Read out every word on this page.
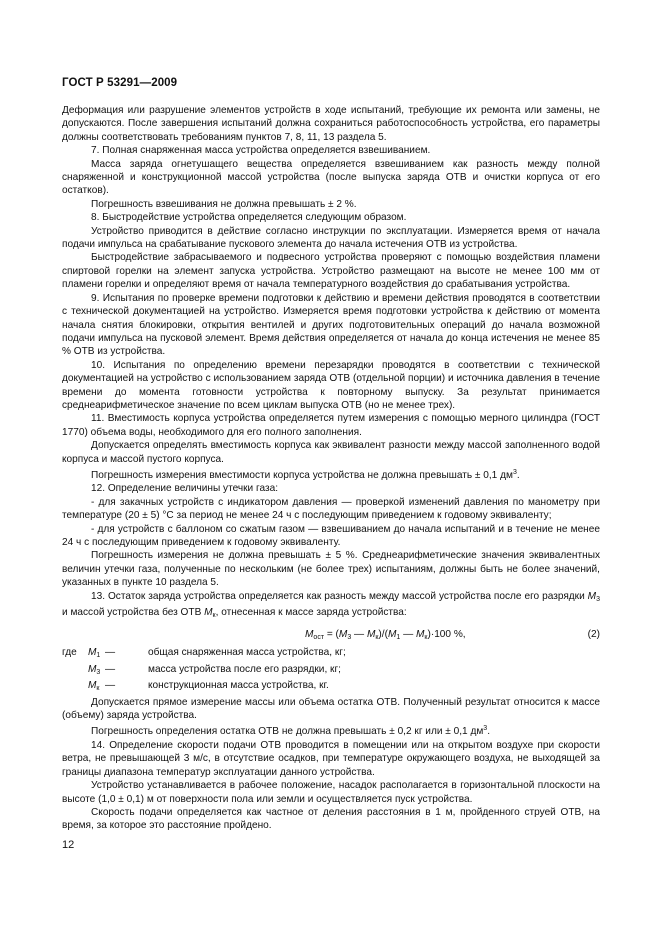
ГОСТ Р 53291—2009

Деформация или разрушение элементов устройств в ходе испытаний, требующие их ремонта или замены, не допускаются. После завершения испытаний должна сохраниться работоспособность устройства, его параметры должны соответствовать требованиям пунктов 7, 8, 11, 13 раздела 5.

7. Полная снаряженная масса устройства определяется взвешиванием.

Масса заряда огнетушащего вещества определяется взвешиванием как разность между полной снаряженной и конструкционной массой устройства (после выпуска заряда ОТВ и очистки корпуса от его остатков).

Погрешность взвешивания не должна превышать ± 2 %.

8. Быстродействие устройства определяется следующим образом.

Устройство приводится в действие согласно инструкции по эксплуатации. Измеряется время от начала подачи импульса на срабатывание пускового элемента до начала истечения ОТВ из устройства.

Быстродействие забрасываемого и подвесного устройства проверяют с помощью воздействия пламени спиртовой горелки на элемент запуска устройства. Устройство размещают на высоте не менее 100 мм от пламени горелки и определяют время от начала температурного воздействия до срабатывания устройства.

9. Испытания по проверке времени подготовки к действию и времени действия проводятся в соответствии с технической документацией на устройство. Измеряется время подготовки устройства к действию от момента начала снятия блокировки, открытия вентилей и других подготовительных операций до начала возможной подачи импульса на пусковой элемент. Время действия определяется от начала до конца истечения не менее 85 % ОТВ из устройства.

10. Испытания по определению времени перезарядки проводятся в соответствии с технической документацией на устройство с использованием заряда ОТВ (отдельной порции) и источника давления в течение времени до момента готовности устройства к повторному выпуску. За результат принимается среднеарифметическое значение по всем циклам выпуска ОТВ (но не менее трех).

11. Вместимость корпуса устройства определяется путем измерения с помощью мерного цилиндра (ГОСТ 1770) объема воды, необходимого для его полного заполнения.

Допускается определять вместимость корпуса как эквивалент разности между массой заполненного водой корпуса и массой пустого корпуса.

Погрешность измерения вместимости корпуса устройства не должна превышать ± 0,1 $дм^3$.

12. Определение величины утечки газа:

- для закачных устройств с индикатором давления — проверкой изменений давления по манометру при температуре (20 ± 5) °С за период не менее 24 ч с последующим приведением к годовому эквиваленту;

- для устройств с баллоном со сжатым газом — взвешиванием до начала испытаний и в течение не менее 24 ч с последующим приведением к годовому эквиваленту.

Погрешность измерения не должна превышать ± 5 %. Среднеарифметические значения эквивалентных величин утечки газа, полученные по нескольким (не более трех) испытаниям, должны быть не более значений, указанных в пункте 10 раздела 5.

13. Остаток заряда устройства определяется как разность между массой устройства после его разрядки $M_3$ и массой устройства без ОТВ $M_к$, отнесенная к массе заряда устройства:

$M_{ост} = (M_3$ — $M_к)/(M_1$ — $M_к)\cdot 100$ %,	(2)
где	$M_1$ —	общая снаряженная масса устройства, кг;
$M_3$ —	масса устройства после его разрядки, кг;
$M_к$ —	конструкционная масса устройства, кг.

Допускается прямое измерение массы или объема остатка ОТВ. Полученный результат относится к массе (объему) заряда устройства.

Погрешность определения остатка ОТВ не должна превышать ± 0,2 кг или ± 0,1 $дм^3$.

14. Определение скорости подачи ОТВ проводится в помещении или на открытом воздухе при скорости ветра, не превышающей 3 м/с, в отсутствие осадков, при температуре окружающего воздуха, не выходящей за границы диапазона температур эксплуатации данного устройства.

Устройство устанавливается в рабочее положение, насадок располагается в горизонтальной плоскости на высоте (1,0 ± 0,1) м от поверхности пола или земли и осуществляется пуск устройства.

Скорость подачи определяется как частное от деления расстояния в 1 м, пройденного струей ОТВ, на время, за которое это расстояние пройдено.

12
